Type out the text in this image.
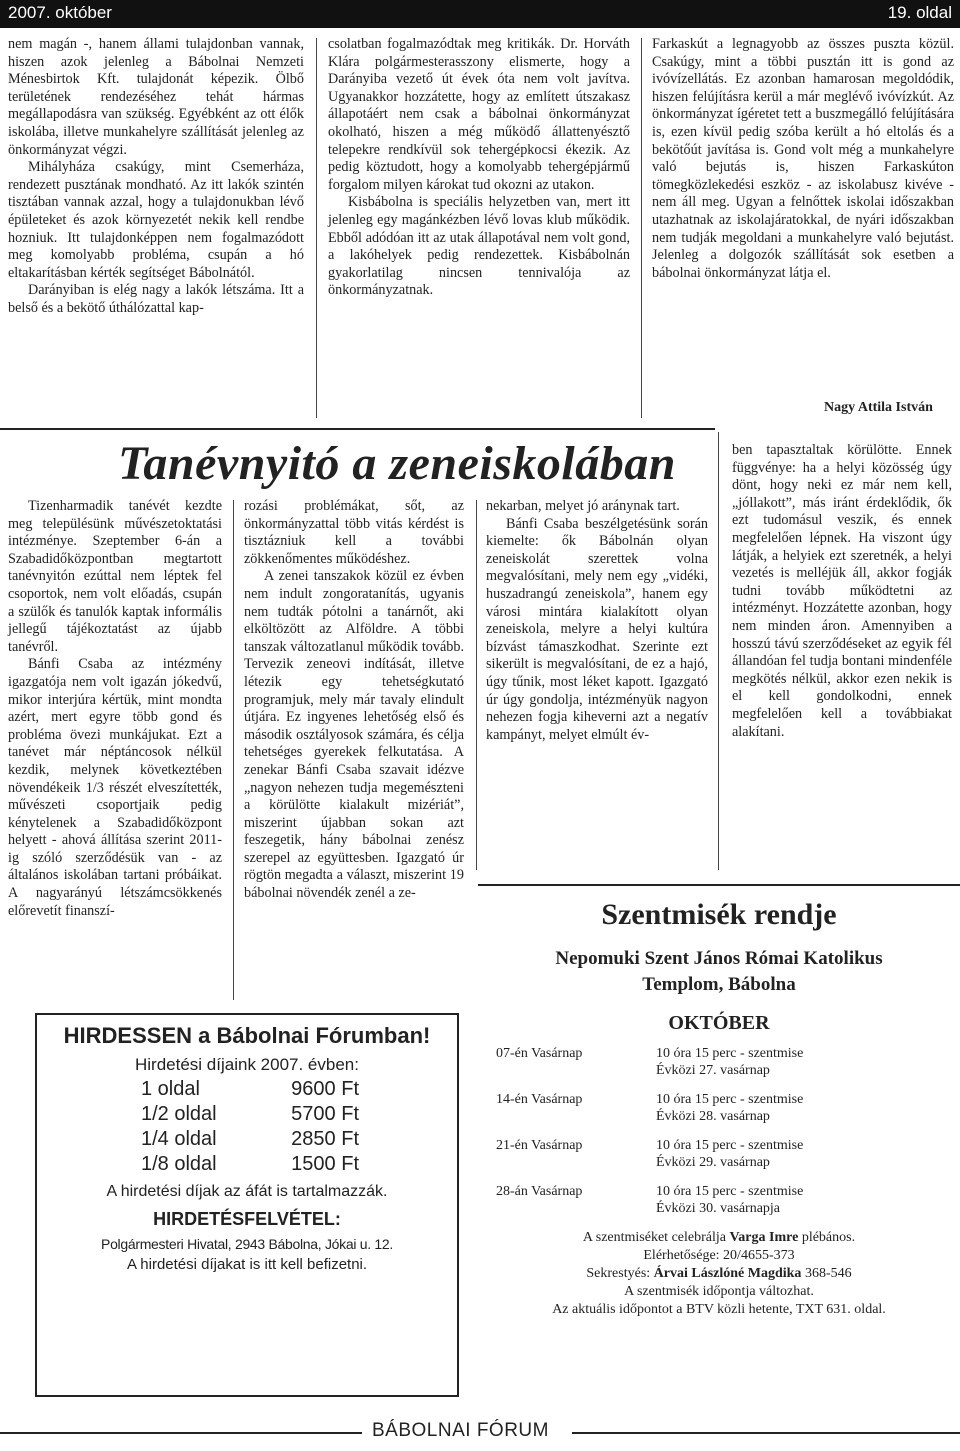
2007. október	19. oldal

nem magán -, hanem állami tulajdonban vannak, hiszen azok jelenleg a Bábolnai Nemzeti Ménesbirtok Kft. tulajdonát képezik. Ölbő területének rendezéséhez tehát hármas megállapodásra van szükség. Egyébként az ott élők iskolába, illetve munkahelyre szállítását jelenleg az önkormányzat végzi.

Mihályháza csakúgy, mint Csemerháza, rendezett pusztának mondható. Az itt lakók szintén tisztában vannak azzal, hogy a tulajdonukban lévő épületeket és azok környezetét nekik kell rendbe hozniuk. Itt tulajdonképpen nem fogalmazódott meg komolyabb probléma, csupán a hó eltakarításban kérték segítséget Bábolnától.

Darányiban is elég nagy a lakók létszáma. Itt a belső és a bekötő úthálózattal kap-

csolatban fogalmazódtak meg kritikák. Dr. Horváth Klára polgármesterasszony elismerte, hogy a Darányiba vezető út évek óta nem volt javítva. Ugyanakkor hozzátette, hogy az említett útszakasz állapotáért nem csak a bábolnai önkormányzat okolható, hiszen a még működő állattenyésztő telepekre rendkívül sok tehergépkocsi ékezik. Az pedig köztudott, hogy a komolyabb tehergépjármű forgalom milyen károkat tud okozni az utakon.

Kisbábolna is speciális helyzetben van, mert itt jelenleg egy magánkézben lévő lovas klub működik. Ebből adódóan itt az utak állapotával nem volt gond, a lakóhelyek pedig rendezettek. Kisbábolnán gyakorlatilag nincsen tennivalója az önkormányzatnak.

Farkaskút a legnagyobb az összes puszta közül. Csakúgy, mint a többi pusztán itt is gond az ivóvízellátás. Ez azonban hamarosan megoldódik, hiszen felújításra kerül a már meglévő ivóvízkút. Az önkormányzat ígéretet tett a buszmegálló felújítására is, ezen kívül pedig szóba került a hó eltolás és a bekötőút javítása is. Gond volt még a munkahelyre való bejutás is, hiszen Farkaskúton tömegközlekedési eszköz - az iskolabusz kivéve - nem áll meg. Ugyan a felnőttek iskolai időszakban utazhatnak az iskolajáratokkal, de nyári időszakban nem tudják megoldani a munkahelyre való bejutást. Jelenleg a dolgozók szállítását sok esetben a bábolnai önkormányzat látja el.

Nagy Attila István
Tanévnyitó a zeneiskolában

Tizenharmadik tanévét kezdte meg településünk művészetoktatási intézménye. Szeptember 6-án a Szabadidőközpontban megtartott tanévnyitón ezúttal nem léptek fel csoportok, nem volt előadás, csupán a szülők és tanulók kaptak informális jellegű tájékoztatást az újabb tanévről.

Bánfi Csaba az intézmény igazgatója nem volt igazán jókedvű, mikor interjúra kértük, mint mondta azért, mert egyre több gond és probléma övezi munkájukat. Ezt a tanévet már néptáncosok nélkül kezdik, melynek következtében növendékeik 1/3 részét elveszítették, művészeti csoportjaik pedig kénytelenek a Szabadidőközpont helyett - ahová állítása szerint 2011-ig szóló szerződésük van - az általános iskolában tartani próbáikat. A nagyarányú létszámcsökkenés előrevetít finanszí-

rozási problémákat, sőt, az önkormányzattal több vitás kérdést is tisztázniuk kell a további zökkenőmentes működéshez.

A zenei tanszakok közül ez évben nem indult zongoratanítás, ugyanis nem tudták pótolni a tanárnőt, aki elköltözött az Alföldre. A többi tanszak változatlanul működik tovább. Tervezik zeneovi indítását, illetve létezik egy tehetségkutató programjuk, mely már tavaly elindult útjára. Ez ingyenes lehetőség első és második osztályosok számára, és célja tehetséges gyerekek felkutatása. A zenekar Bánfi Csaba szavait idézve „nagyon nehezen tudja megemészteni a körülötte kialakult mizériát”, miszerint újabban sokan azt feszegetik, hány bábolnai zenész szerepel az együttesben. Igazgató úr rögtön megadta a választ, miszerint 19 bábolnai növendék zenél a ze-

nekarban, melyet jó aránynak tart.

Bánfi Csaba beszélgetésünk során kiemelte: ők Bábolnán olyan zeneiskolát szerettek volna megvalósítani, mely nem egy „vidéki, huszadrangú zeneiskola”, hanem egy városi mintára kialakított olyan zeneiskola, melyre a helyi kultúra bízvást támaszkodhat. Szerinte ezt sikerült is megvalósítani, de ez a hajó, úgy tűnik, most léket kapott. Igazgató úr úgy gondolja, intézményük nagyon nehezen fogja kiheverni azt a negatív kampányt, melyet elmúlt év-

ben tapasztaltak körülötte. Ennek függvénye: ha a helyi közösség úgy dönt, hogy neki ez már nem kell, „jóllakott”, más iránt érdeklődik, ők ezt tudomásul veszik, és ennek megfelelően lépnek. Ha viszont úgy látják, a helyiek ezt szeretnék, a helyi vezetés is melléjük áll, akkor fogják tudni tovább működtetni az intézményt. Hozzátette azonban, hogy nem minden áron. Amennyiben a hosszú távú szerződéseket az egyik fél állandóan fel tudja bontani mindenféle megkötés nélkül, akkor ezen nekik is el kell gondolkodni, ennek megfelelően kell a továbbiakat alakítani.

HIRDESSEN a Bábolnai Fórumban!
Hirdetési díjaink 2007. évben:
1 oldal	9600 Ft
1/2 oldal	5700 Ft
1/4 oldal	2850 Ft
1/8 oldal	1500 Ft
A hirdetési díjak az áfát is tartalmazzák.
HIRDETÉSFELVÉTEL:
Polgármesteri Hivatal, 2943 Bábolna, Jókai u. 12.
A hirdetési díjakat is itt kell befizetni.
Szentmisék rendje
Nepomuki Szent János Római Katolikus
Templom, Bábolna
OKTÓBER
07-én Vasárnap	10 óra 15 perc - szentmise
	Évközi 27. vasárnap
14-én Vasárnap	10 óra 15 perc - szentmise
	Évközi 28. vasárnap
21-én Vasárnap	10 óra 15 perc - szentmise
	Évközi 29. vasárnap
28-án Vasárnap	10 óra 15 perc - szentmise
	Évközi 30. vasárnapja
A szentmiséket celebrálja Varga Imre plébános.
Elérhetősége: 20/4655-373
Sekrestyés: Árvai Lászlóné Magdika 368-546
A szentmisék időpontja változhat.
Az aktuális időpontot a BTV közli hetente, TXT 631. oldal.
BÁBOLNAI FÓRUM
